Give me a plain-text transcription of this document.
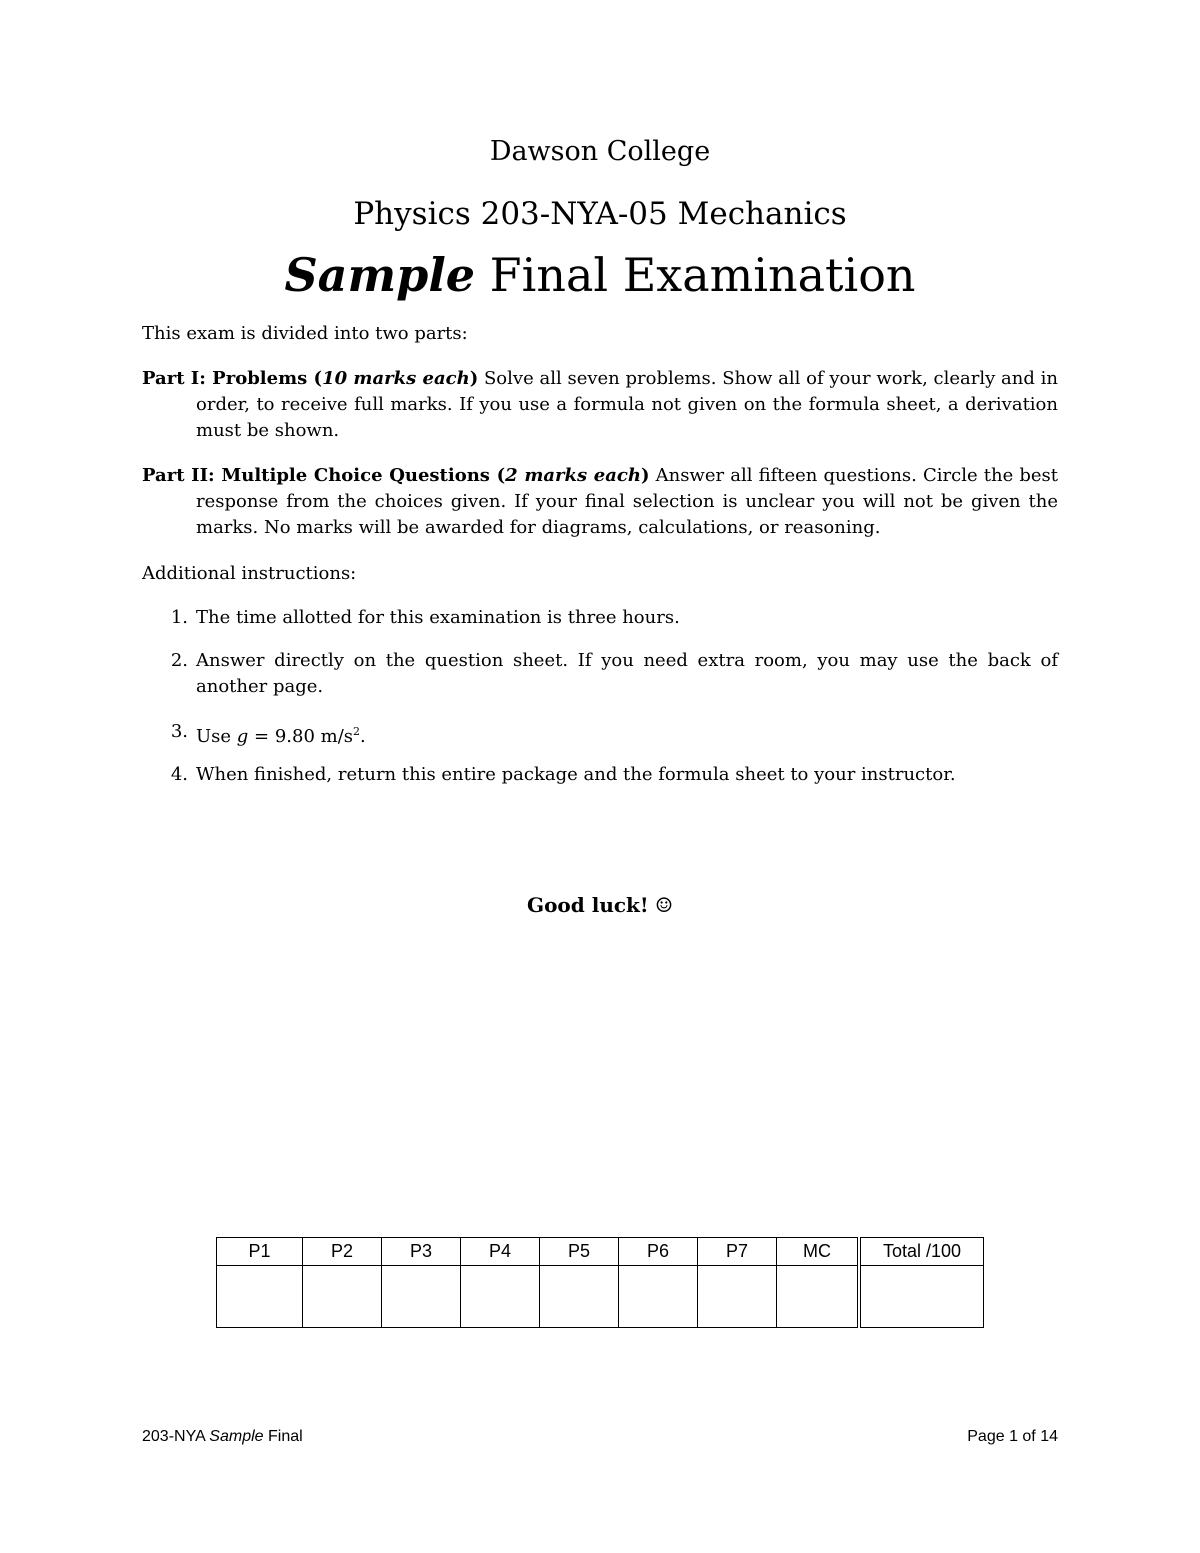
Dawson College
Physics 203-NYA-05 Mechanics
Sample Final Examination
This exam is divided into two parts:
Part I: Problems (10 marks each) Solve all seven problems. Show all of your work, clearly and in order, to receive full marks. If you use a formula not given on the formula sheet, a derivation must be shown.
Part II: Multiple Choice Questions (2 marks each) Answer all fifteen questions. Circle the best response from the choices given. If your final selection is unclear you will not be given the marks. No marks will be awarded for diagrams, calculations, or reasoning.
Additional instructions:
1. The time allotted for this examination is three hours.
2. Answer directly on the question sheet. If you need extra room, you may use the back of another page.
3. Use g = 9.80 $m/s^2$.
4. When finished, return this entire package and the formula sheet to your instructor.
Good luck! ☺
P1	P2	P3	P4	P5	P6	P7	MC	Total /100

203-NYA Sample Final	Page 1 of 14
